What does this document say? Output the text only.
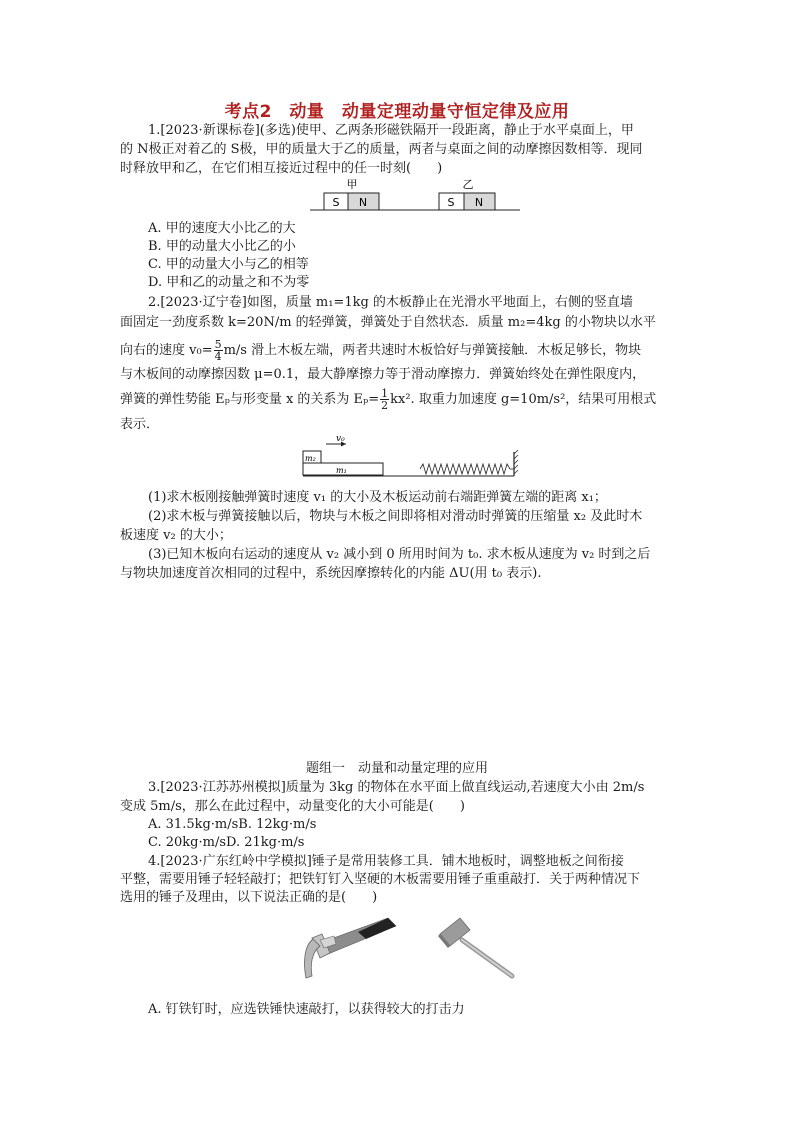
考点2　动量　动量定理动量守恒定律及应用
1.[2023·新课标卷](多选)使甲、乙两条形磁铁隔开一段距离，静止于水平桌面上，甲
的 N极正对着乙的 S极，甲的质量大于乙的质量，两者与桌面之间的动摩擦因数相等．现同
时释放甲和乙，在它们相互接近过程中的任一时刻(　　)
甲	乙
S N	S N
A. 甲的速度大小比乙的大
B. 甲的动量大小比乙的小
C. 甲的动量大小与乙的相等
D. 甲和乙的动量之和不为零
2.[2023·辽宁卷]如图，质量 m₁=1kg 的木板静止在光滑水平地面上，右侧的竖直墙
面固定一劲度系数 k=20N/m 的轻弹簧，弹簧处于自然状态．质量 m₂=4kg 的小物块以水平
向右的速度 $v_0= \frac{5}{4} m/s$ 滑上木板左端，两者共速时木板恰好与弹簧接触．木板足够长，物块
与木板间的动摩擦因数 μ=0.1，最大静摩擦力等于滑动摩擦力．弹簧始终处在弹性限度内，
弹簧的弹性势能 Eₚ与形变量 x 的关系为 $E_p= \frac{1}{2} kx^2$. 取重力加速度 g=10m/s²，结果可用根式
表示．
v₀
m₂
m₁
(1)求木板刚接触弹簧时速度 v₁ 的大小及木板运动前右端距弹簧左端的距离 x₁；
(2)求木板与弹簧接触以后，物块与木板之间即将相对滑动时弹簧的压缩量 x₂ 及此时木
板速度 v₂ 的大小；
(3)已知木板向右运动的速度从 v₂ 减小到 0 所用时间为 t₀. 求木板从速度为 v₂ 时到之后
与物块加速度首次相同的过程中，系统因摩擦转化的内能 ΔU(用 t₀ 表示).
题组一　动量和动量定理的应用
3.[2023·江苏苏州模拟]质量为 3kg 的物体在水平面上做直线运动,若速度大小由 2m/s
变成 5m/s，那么在此过程中，动量变化的大小可能是(　　)
A. 31.5kg·m/sB. 12kg·m/s
C. 20kg·m/sD. 21kg·m/s
4.[2023·广东红岭中学模拟]锤子是常用装修工具．铺木地板时，调整地板之间衔接
平整，需要用锤子轻轻敲打；把铁钉钉入坚硬的木板需要用锤子重重敲打．关于两种情况下
选用的锤子及理由，以下说法正确的是(　　)
A. 钉铁钉时，应选铁锤快速敲打，以获得较大的打击力
